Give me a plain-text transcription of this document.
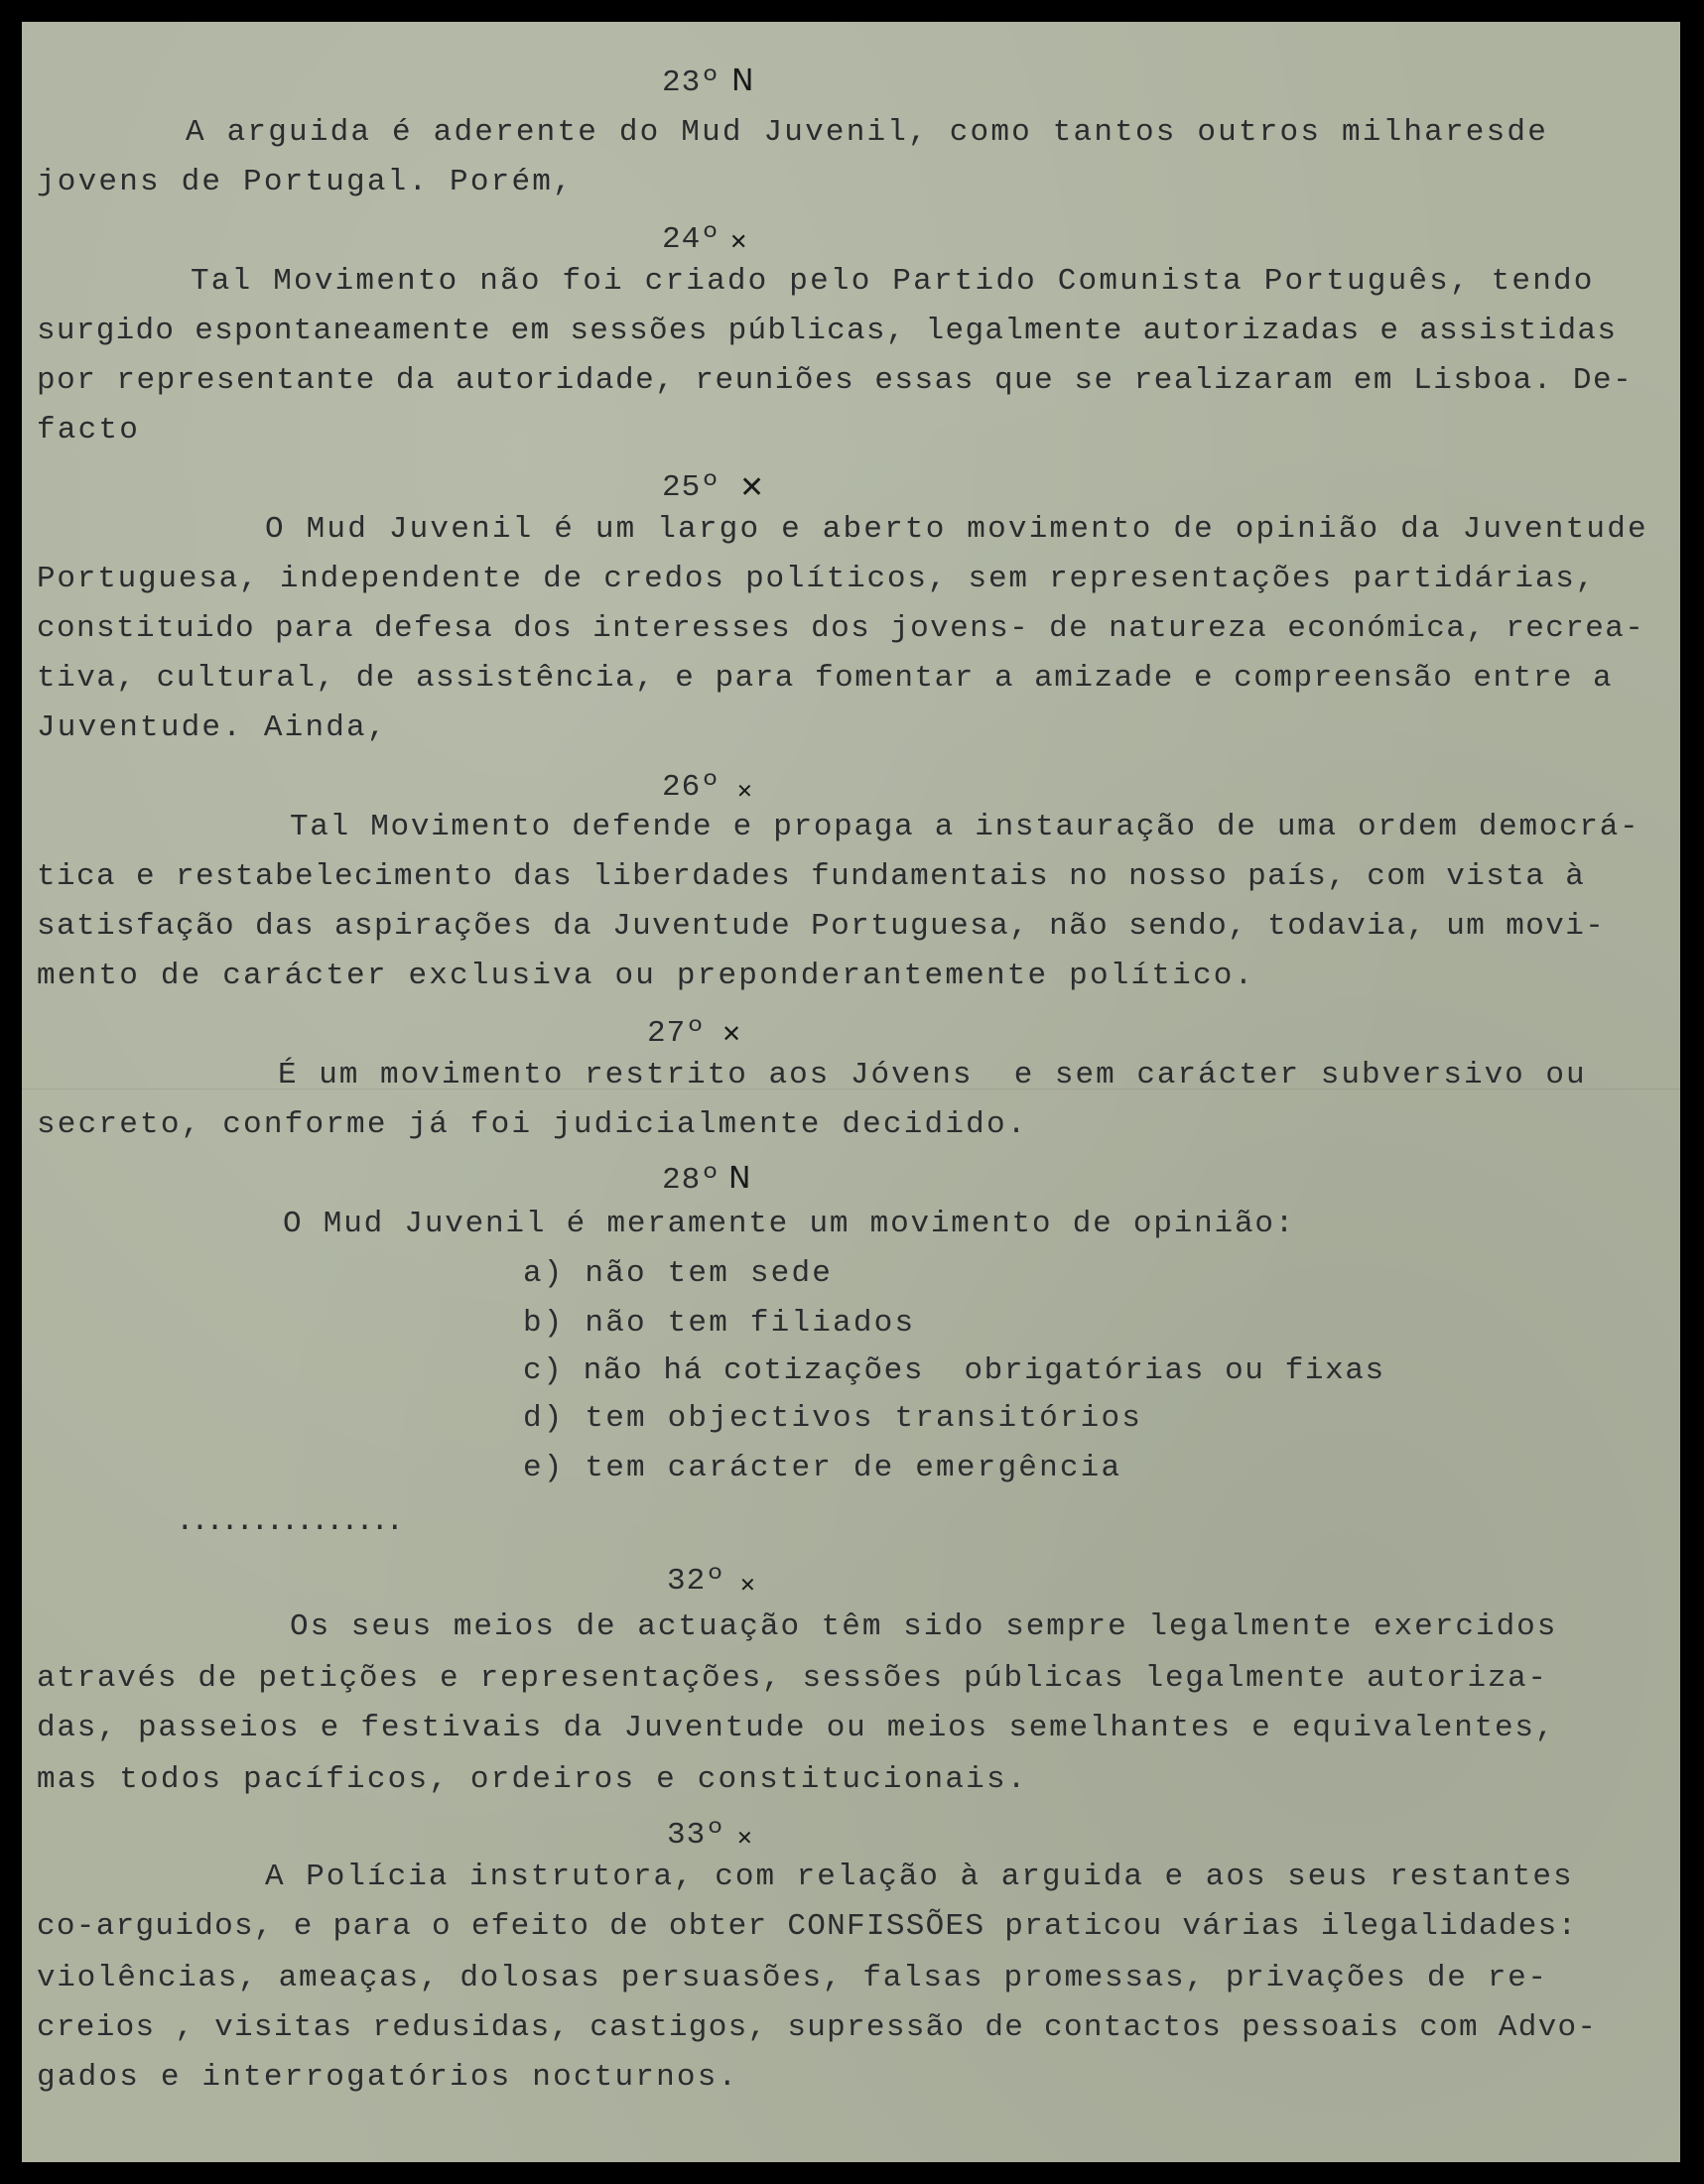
23º N
A arguida é aderente do Mud Juvenil, como tantos outros milharesde
jovens de Portugal. Porém,
24º ✕
Tal Movimento não foi criado pelo Partido Comunista Português, tendo
surgido espontaneamente em sessões públicas, legalmente autorizadas e assistidas
por representante da autoridade, reuniões essas que se realizaram em Lisboa. De-
facto
25º ✕
O Mud Juvenil é um largo e aberto movimento de opinião da Juventude
Portuguesa, independente de credos políticos, sem representações partidárias,
constituido para defesa dos interesses dos jovens- de natureza económica, recrea-
tiva, cultural, de assistência, e para fomentar a amizade e compreensão entre a
Juventude. Ainda,
26º ✕
Tal Movimento defende e propaga a instauração de uma ordem democrá-
tica e restabelecimento das liberdades fundamentais no nosso país, com vista à
satisfação das aspirações da Juventude Portuguesa, não sendo, todavia, um movi-
mento de carácter exclusiva ou preponderantemente político.
27º ✕
É um movimento restrito aos Jóvens  e sem carácter subversivo ou
secreto, conforme já foi judicialmente decidido.
28º N
O Mud Juvenil é meramente um movimento de opinião:
a) não tem sede
b) não tem filiados
c) não há cotizações  obrigatórias ou fixas
d) tem objectivos transitórios
e) tem carácter de emergência
...............
32º ✕
Os seus meios de actuação têm sido sempre legalmente exercidos
através de petições e representações, sessões públicas legalmente autoriza-
das, passeios e festivais da Juventude ou meios semelhantes e equivalentes,
mas todos pacíficos, ordeiros e constitucionais.
33º ✕
A Polícia instrutora, com relação à arguida e aos seus restantes
co-arguidos, e para o efeito de obter CONFISSÕES praticou várias ilegalidades:
violências, ameaças, dolosas persuasões, falsas promessas, privações de re-
creios , visitas redusidas, castigos, supressão de contactos pessoais com Advo-
gados e interrogatórios nocturnos.
